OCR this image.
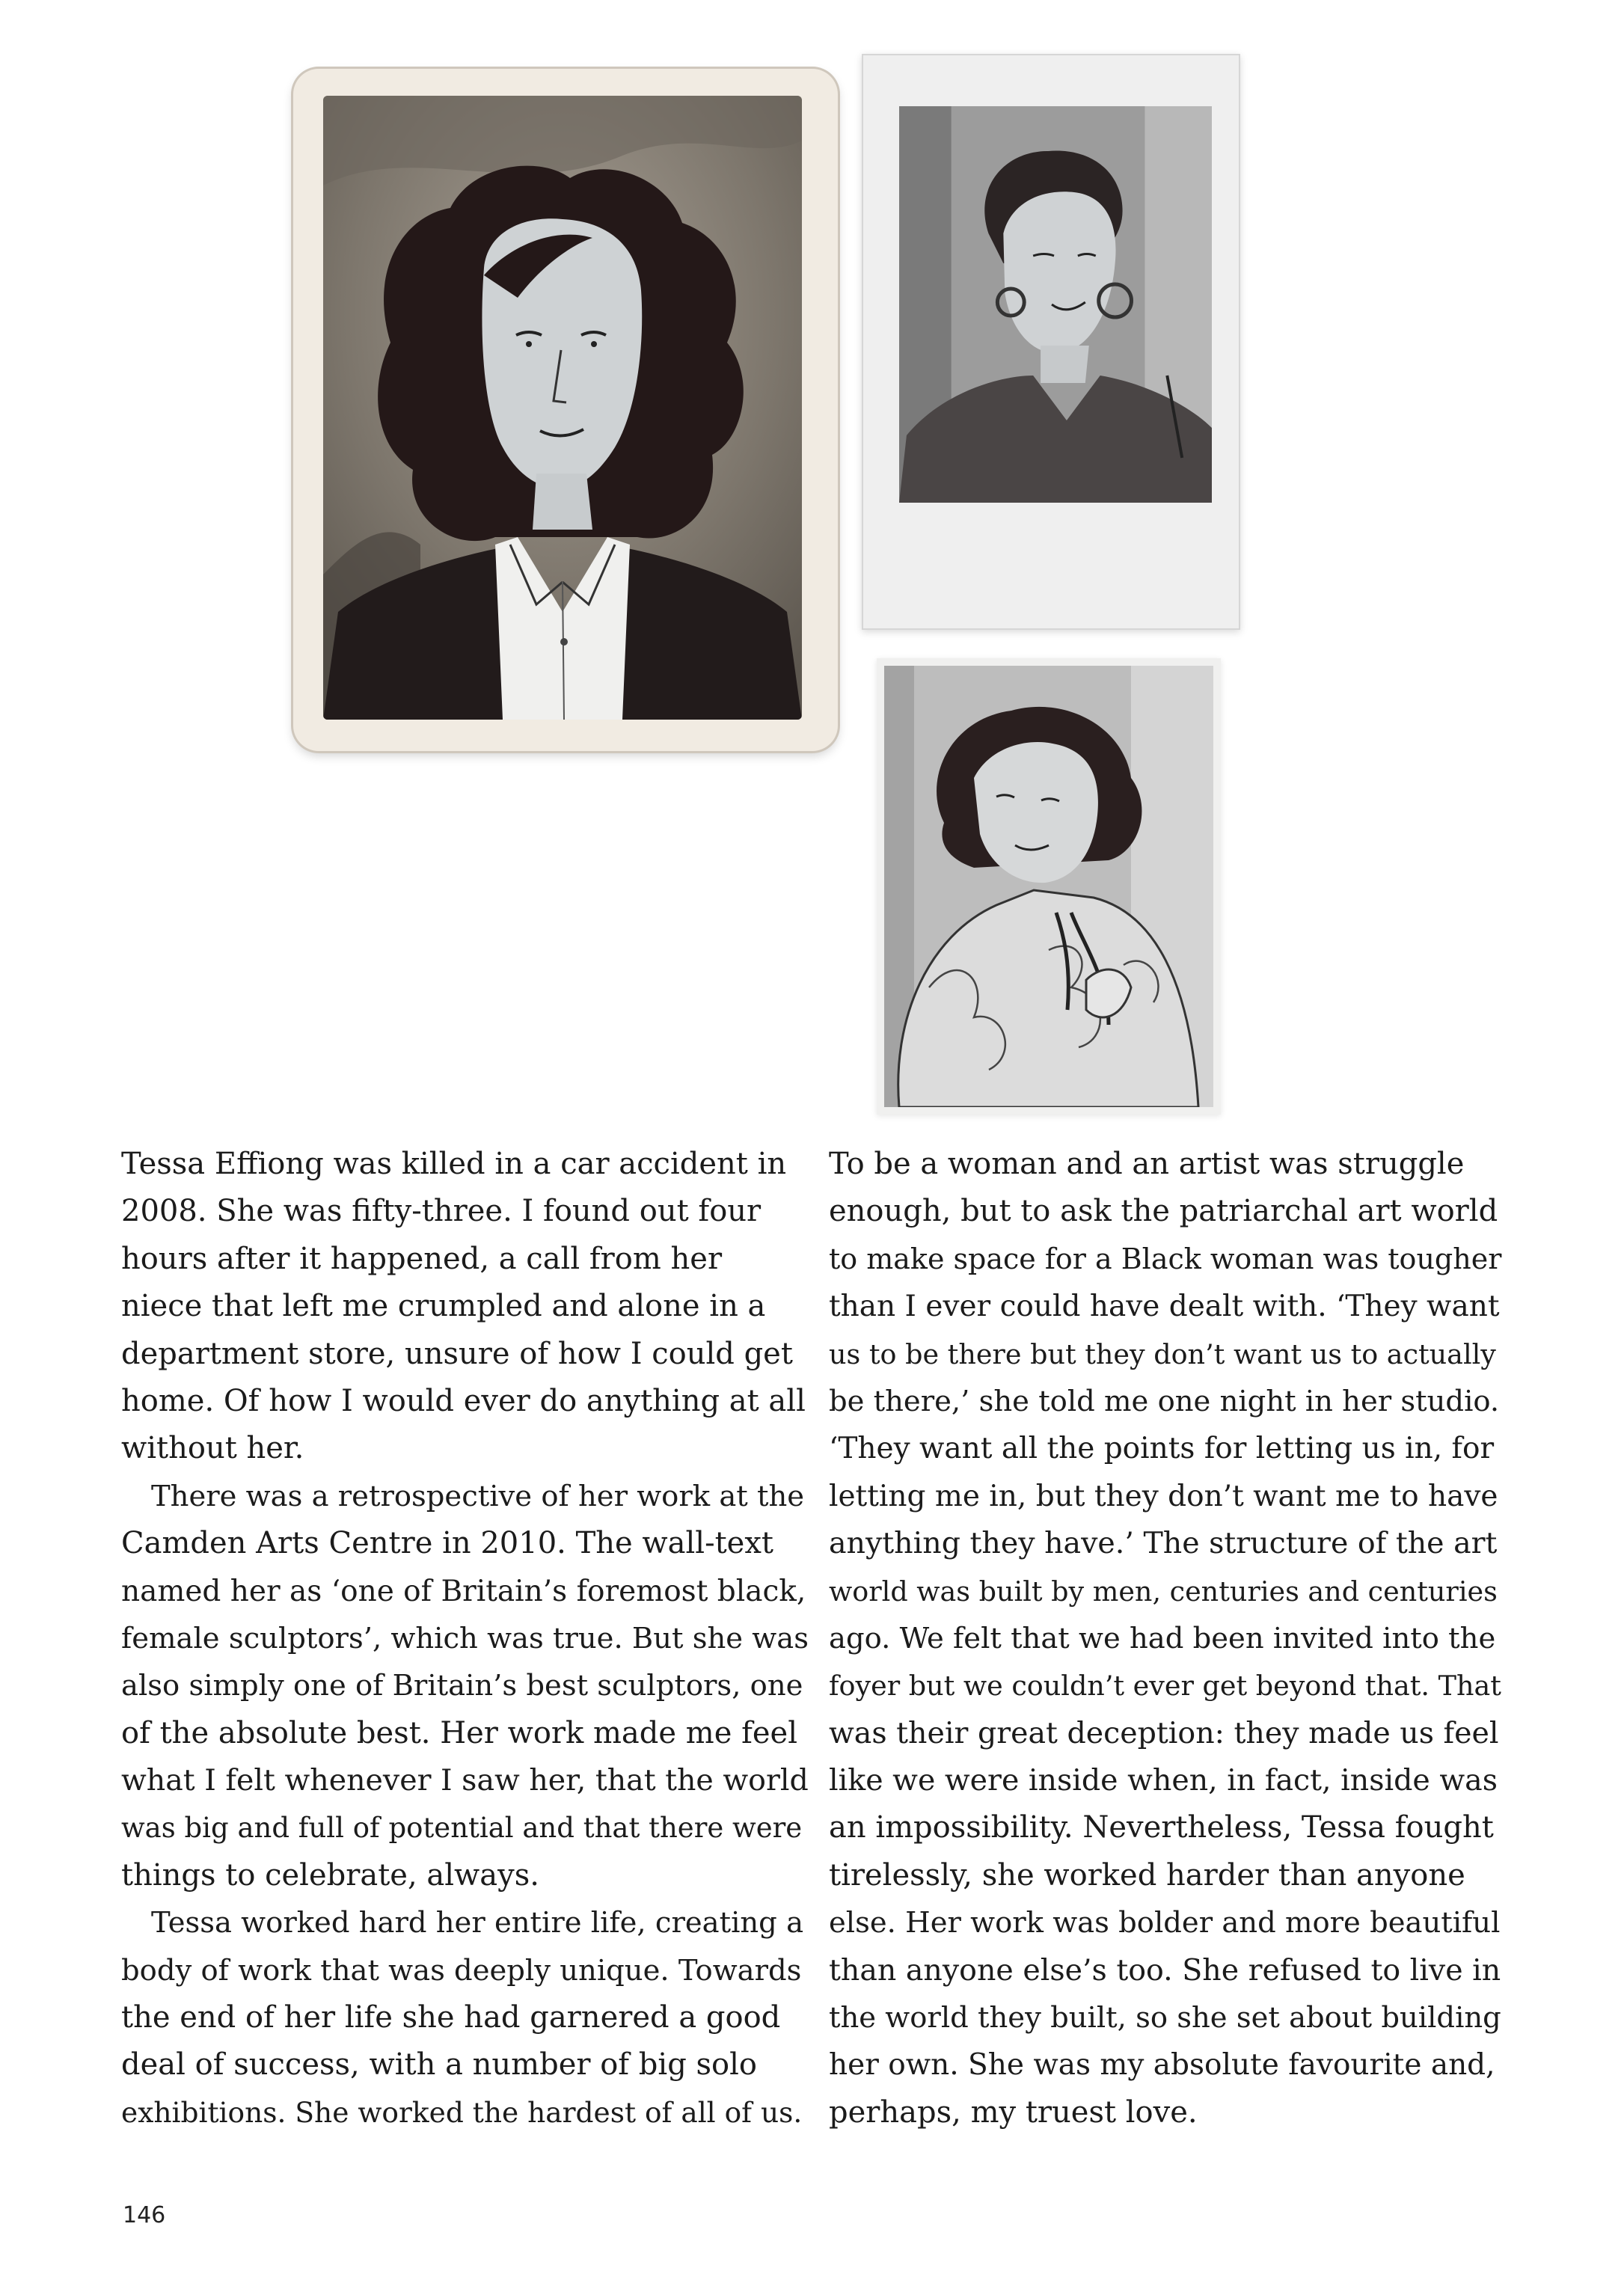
Tessa Effiong was killed in a car accident in
2008. She was fifty-three. I found out four
hours after it happened, a call from her
niece that left me crumpled and alone in a
department store, unsure of how I could get
home. Of how I would ever do anything at all
without her.
There was a retrospective of her work at the
Camden Arts Centre in 2010. The wall-text
named her as ‘one of Britain’s foremost black,
female sculptors’, which was true. But she was
also simply one of Britain’s best sculptors, one
of the absolute best. Her work made me feel
what I felt whenever I saw her, that the world
was big and full of potential and that there were
things to celebrate, always.
Tessa worked hard her entire life, creating a
body of work that was deeply unique. Towards
the end of her life she had garnered a good
deal of success, with a number of big solo
exhibitions. She worked the hardest of all of us.
To be a woman and an artist was struggle
enough, but to ask the patriarchal art world
to make space for a Black woman was tougher
than I ever could have dealt with. ‘They want
us to be there but they don’t want us to actually
be there,’ she told me one night in her studio.
‘They want all the points for letting us in, for
letting me in, but they don’t want me to have
anything they have.’ The structure of the art
world was built by men, centuries and centuries
ago. We felt that we had been invited into the
foyer but we couldn’t ever get beyond that. That
was their great deception: they made us feel
like we were inside when, in fact, inside was
an impossibility. Nevertheless, Tessa fought
tirelessly, she worked harder than anyone
else. Her work was bolder and more beautiful
than anyone else’s too. She refused to live in
the world they built, so she set about building
her own. She was my absolute favourite and,
perhaps, my truest love.
146
